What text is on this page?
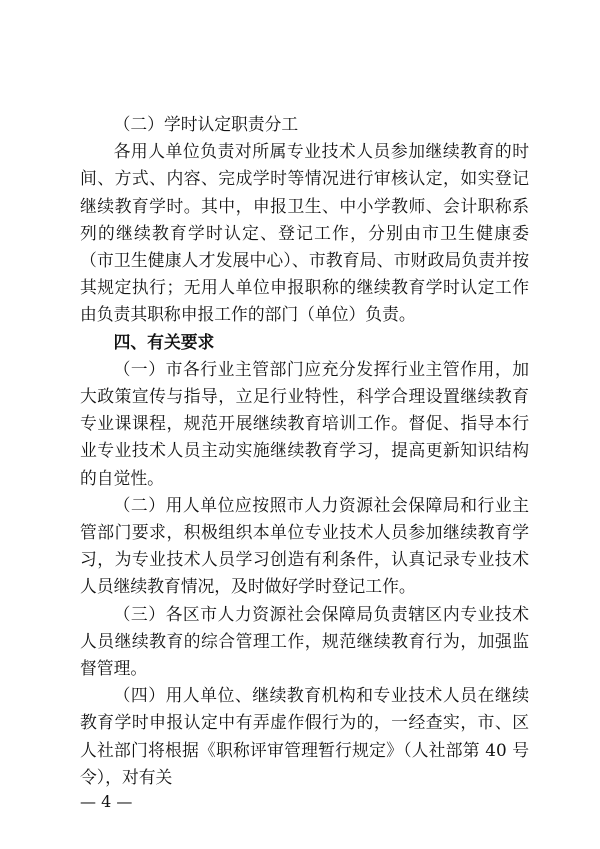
（二）学时认定职责分工

各用人单位负责对所属专业技术人员参加继续教育的时间、方式、内容、完成学时等情况进行审核认定，如实登记继续教育学时。其中，申报卫生、中小学教师、会计职称系列的继续教育学时认定、登记工作，分别由市卫生健康委（市卫生健康人才发展中心）、市教育局、市财政局负责并按其规定执行；无用人单位申报职称的继续教育学时认定工作由负责其职称申报工作的部门（单位）负责。

四、有关要求

（一）市各行业主管部门应充分发挥行业主管作用，加大政策宣传与指导，立足行业特性，科学合理设置继续教育专业课课程，规范开展继续教育培训工作。督促、指导本行业专业技术人员主动实施继续教育学习，提高更新知识结构的自觉性。

（二）用人单位应按照市人力资源社会保障局和行业主管部门要求，积极组织本单位专业技术人员参加继续教育学习，为专业技术人员学习创造有利条件，认真记录专业技术人员继续教育情况，及时做好学时登记工作。

（三）各区市人力资源社会保障局负责辖区内专业技术人员继续教育的综合管理工作，规范继续教育行为，加强监督管理。

（四）用人单位、继续教育机构和专业技术人员在继续教育学时申报认定中有弄虚作假行为的，一经查实，市、区人社部门将根据《职称评审管理暂行规定》（人社部第 40 号令），对有关

— 4 —
